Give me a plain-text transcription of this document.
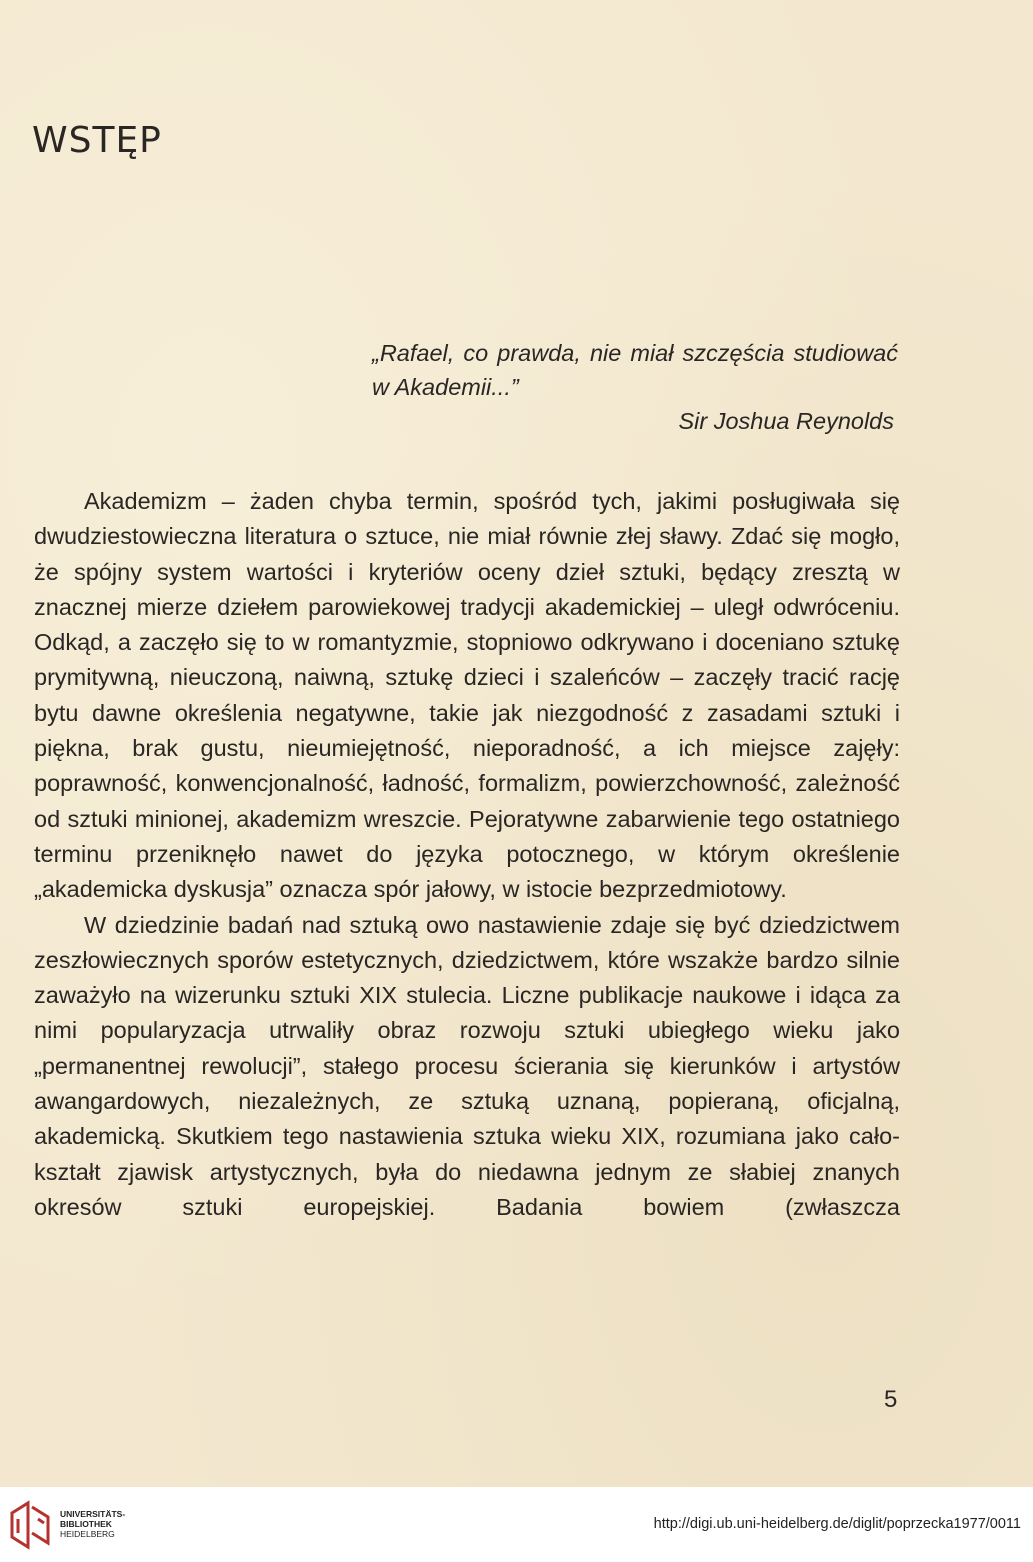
WSTĘP

„Rafael, co prawda, nie miał szczęścia studiować w Akademii...”

Sir Joshua Reynolds

Akademizm – żaden chyba termin, spośród tych, jakimi posługiwała się dwudziestowieczna literatura o sztuce, nie miał równie złej sławy. Zdać się mogło, że spójny system wartości i kryteriów oceny dzieł sztuki, będący zresztą w znacznej mierze dziełem parowiekowej tradycji akademickiej – uległ odwróceniu. Odkąd, a zaczęło się to w romantyzmie, stopniowo odkrywano i doceniano sztukę prymitywną, nieuczoną, naiwną, sztukę dzieci i szaleńców – zaczęły tracić rację bytu dawne określenia negatywne, takie jak niezgodność z zasadami sztuki i piękna, brak gustu, nieumiejętność, nieporadność, a ich miejsce zajęły: poprawność, konwencjonalność, ładność, formalizm, powierzchowność, zależność od sztuki minionej, akademizm wreszcie. Pejoratywne zabarwienie tego ostatniego terminu przeniknęło nawet do języka potocznego, w którym określenie „akademicka dyskusja” oznacza spór jałowy, w istocie bezprzedmiotowy.

W dziedzinie badań nad sztuką owo nastawienie zdaje się być dziedzictwem zeszłowiecznych sporów estetycznych, dziedzictwem, które wszakże bardzo silnie zaważyło na wizerunku sztuki XIX stulecia. Liczne publikacje naukowe i idąca za nimi popularyzacja utrwaliły obraz rozwoju sztuki ubiegłego wieku jako „permanentnej rewolucji”, stałego procesu ścierania się kierunków i artystów awangardowych, niezależnych, ze sztuką uznaną, popieraną, oficjalną, akademicką. Skutkiem tego nastawienia sztuka wieku XIX, rozumiana jako całokształt zjawisk artystycznych, była do niedawna jednym ze słabiej znanych okresów sztuki europejskiej. Badania bowiem (zwłaszcza

5
UNIVERSITÄTS-
BIBLIOTHEK
HEIDELBERG
http://digi.ub.uni-heidelberg.de/diglit/poprzecka1977/0011
